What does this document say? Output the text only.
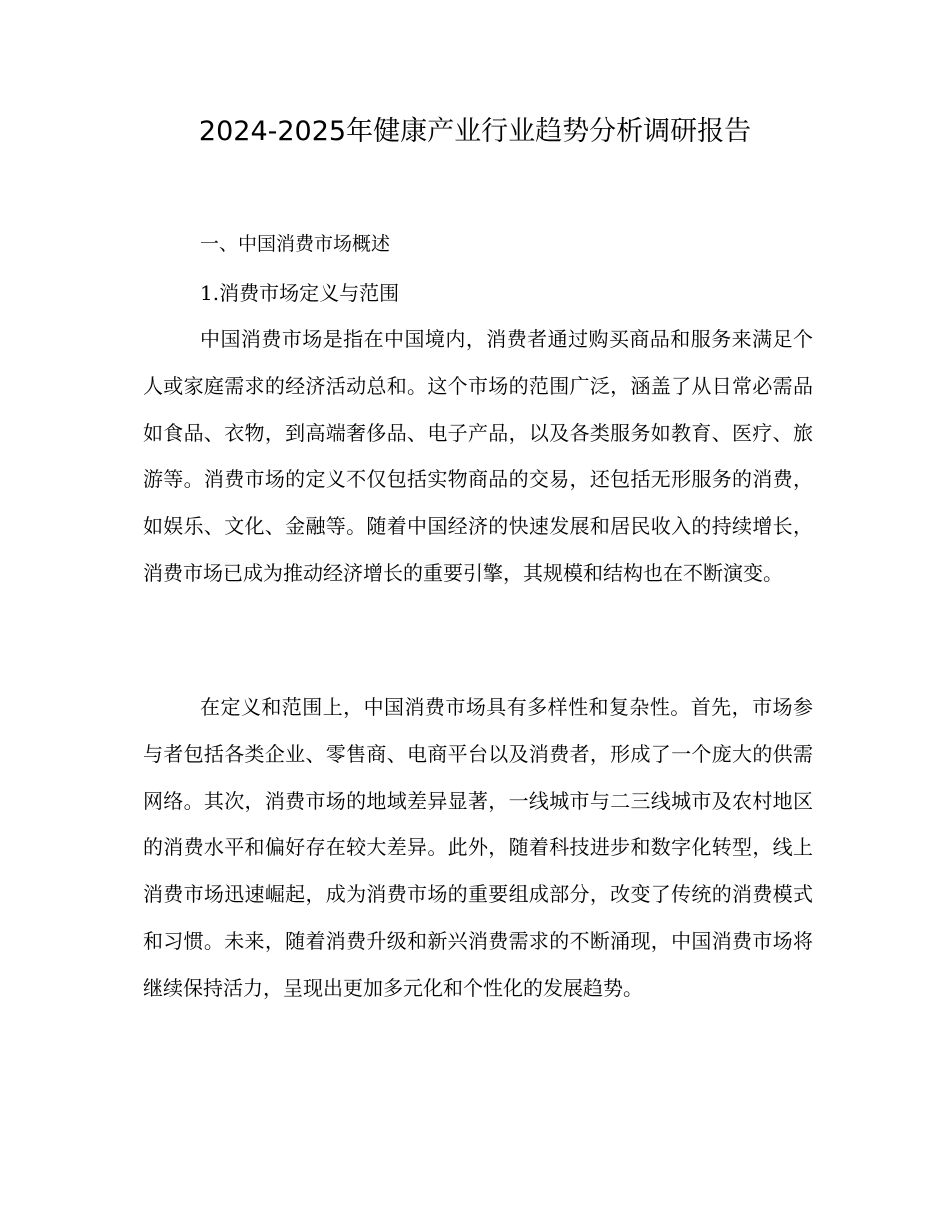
2024-2025年健康产业行业趋势分析调研报告
一、中国消费市场概述
1.消费市场定义与范围

中国消费市场是指在中国境内，消费者通过购买商品和服务来满足个人或家庭需求的经济活动总和。这个市场的范围广泛，涵盖了从日常必需品如食品、衣物，到高端奢侈品、电子产品，以及各类服务如教育、医疗、旅游等。消费市场的定义不仅包括实物商品的交易，还包括无形服务的消费，如娱乐、文化、金融等。随着中国经济的快速发展和居民收入的持续增长，消费市场已成为推动经济增长的重要引擎，其规模和结构也在不断演变。

在定义和范围上，中国消费市场具有多样性和复杂性。首先，市场参与者包括各类企业、零售商、电商平台以及消费者，形成了一个庞大的供需网络。其次，消费市场的地域差异显著，一线城市与二三线城市及农村地区的消费水平和偏好存在较大差异。此外，随着科技进步和数字化转型，线上消费市场迅速崛起，成为消费市场的重要组成部分，改变了传统的消费模式和习惯。未来，随着消费升级和新兴消费需求的不断涌现，中国消费市场将继续保持活力，呈现出更加多元化和个性化的发展趋势。
